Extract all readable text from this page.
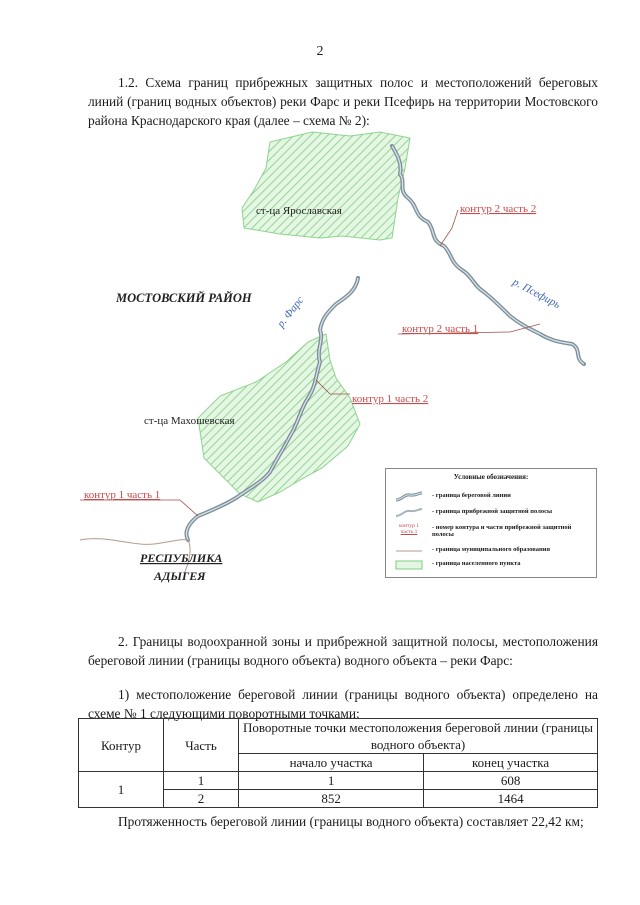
2
1.2. Схема границ прибрежных защитных полос и местоположений береговых линий (границ водных объектов) реки Фарс и реки Псефирь на территории Мостовского района Краснодарского края (далее – схема № 2):
ст-ца Ярославская
ст-ца Махошевская
МОСТОВСКИЙ РАЙОН
РЕСПУБЛИКА
АДЫГЕЯ
р. Фарс
р. Псефирь
контур 2 часть 2
контур 2 часть 1
контур 1 часть 2
контур 1 часть 1
Условные обозначения:
- граница береговой линии
- граница прибрежной защитной полосы
контур 1
часть 1
- номер контура и части прибрежной защитной полосы
- граница муниципального образования
- граница населенного пункта
2. Границы водоохранной зоны и прибрежной защитной полосы, местоположения береговой линии (границы водного объекта) водного объекта – реки Фарс:
1) местоположение береговой линии (границы водного объекта) определено на схеме № 1 следующими поворотными точками:
Контур	Часть	Поворотные точки местоположения береговой линии (границы водного объекта)	
		начало участка	конец участка
1	1	1	608
	2	852	1464
Протяженность береговой линии (границы водного объекта) составляет 22,42 км;
